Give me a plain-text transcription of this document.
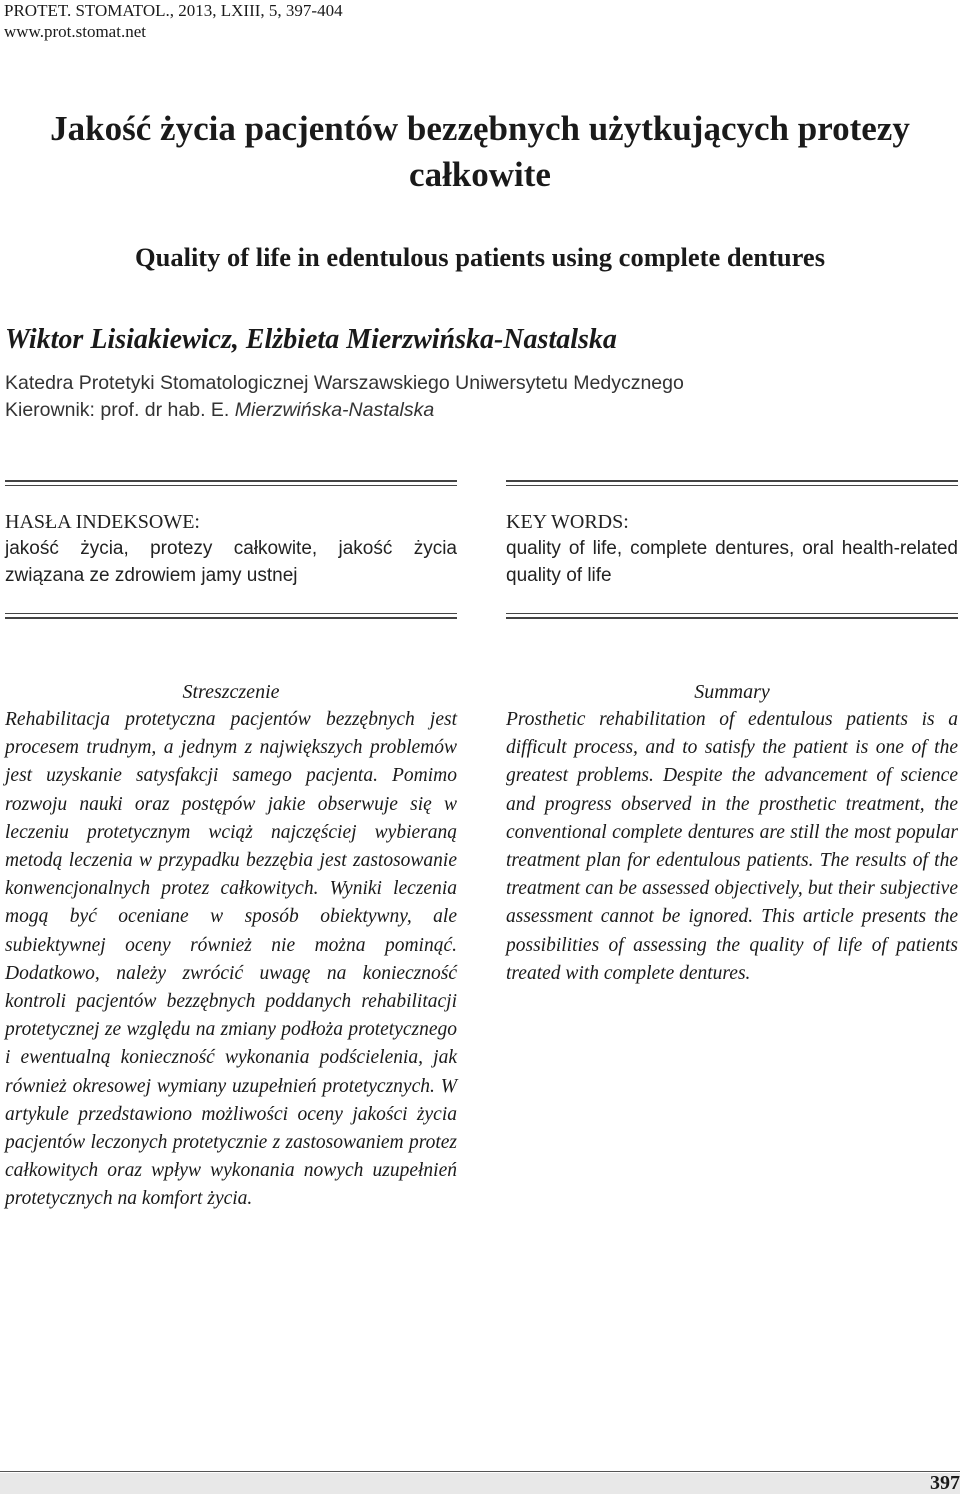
PROTET. STOMATOL., 2013, LXIII, 5, 397-404
www.prot.stomat.net
Jakość życia pacjentów bezzębnych użytkujących protezy całkowite
Quality of life in edentulous patients using complete dentures
Wiktor Lisiakiewicz, Elżbieta Mierzwińska-Nastalska
Katedra Protetyki Stomatologicznej Warszawskiego Uniwersytetu Medycznego
Kierownik: prof. dr hab. E. Mierzwińska-Nastalska
HASŁA INDEKSOWE:
jakość życia, protezy całkowite, jakość życia związana ze zdrowiem jamy ustnej
KEY WORDS:
quality of life, complete dentures, oral health-related quality of life
Streszczenie
Rehabilitacja protetyczna pacjentów bezzębnych jest procesem trudnym, a jednym z największych problemów jest uzyskanie satysfakcji samego pacjenta. Pomimo rozwoju nauki oraz postępów jakie obserwuje się w leczeniu protetycznym wciąż najczęściej wybieraną metodą leczenia w przypadku bezzębia jest zastosowanie konwencjonalnych protez całkowitych. Wyniki leczenia mogą być oceniane w sposób obiektywny, ale subiektywnej oceny również nie można pominąć. Dodatkowo, należy zwrócić uwagę na konieczność kontroli pacjentów bezzębnych poddanych rehabilitacji protetycznej ze względu na zmiany podłoża protetycznego i ewentualną konieczność wykonania podścielenia, jak również okresowej wymiany uzupełnień protetycznych. W artykule przedstawiono możliwości oceny jakości życia pacjentów leczonych protetycznie z zastosowaniem protez całkowitych oraz wpływ wykonania nowych uzupełnień protetycznych na komfort życia.
Summary
Prosthetic rehabilitation of edentulous patients is a difficult process, and to satisfy the patient is one of the greatest problems. Despite the advancement of science and progress observed in the prosthetic treatment, the conventional complete dentures are still the most popular treatment plan for edentulous patients. The results of the treatment can be assessed objectively, but their subjective assessment cannot be ignored. This article presents the possibilities of assessing the quality of life of patients treated with complete dentures.
397
